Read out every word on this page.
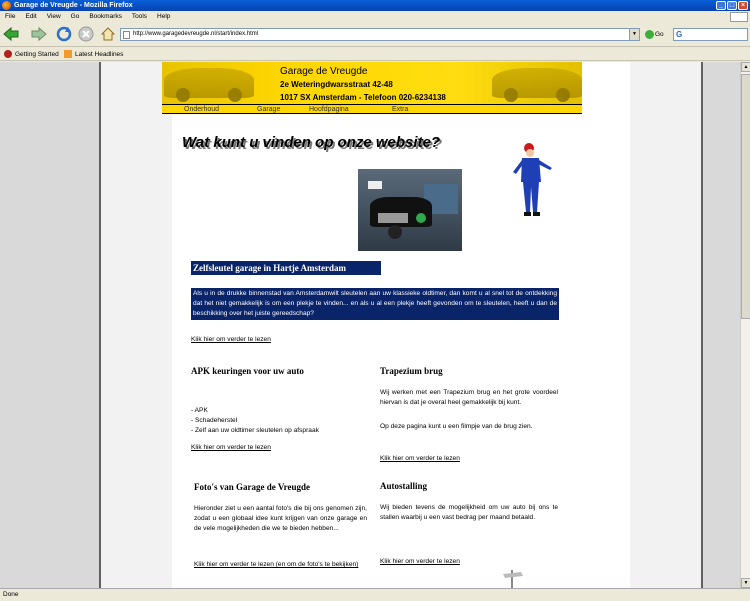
Garage de Vreugde - Mozilla Firefox	_ □ ×
File Edit View Go Bookmarks Tools Help
http://www.garagedevreugde.nl/start/index.html	▼	Go	G
Getting Started	Latest Headlines
Garage de Vreugde
2e Weteringdwarsstraat 42-48
1017 SX Amsterdam - Telefoon 020-6234138
Onderhoud	Garage	Hoofdpagina	Extra
Wat kunt u vinden op onze website?
Zelfsleutel garage in Hartje Amsterdam
Als u in de drukke binnenstad van Amsterdamwilt sleutelen aan uw klassieke oldtimer, dan komt u al snel tot de ontdekking dat het niet gemakkelijk is om een plekje te vinden... en als u al een plekje heeft gevonden om te sleutelen, heeft u dan de beschikking over het juiste gereedschap?
Klik hier om verder te lezen
APK keuringen voor uw auto
- APK
- Schadeherstel
- Zelf aan uw oldtimer sleutelen op afspraak
Klik hier om verder te lezen
Trapezium brug
Wij werken met een Trapezium brug en het grote voordeel hiervan is dat je overal heel gemakkelijk bij kunt.
Op deze pagina kunt u een filmpje van de brug zien.
Klik hier om verder te lezen
Foto's van Garage de Vreugde
Hieronder ziet u een aantal foto's die bij ons genomen zijn, zodat u een globaal idee kunt krijgen van onze garage en de vele mogelijkheden die we te bieden hebben...
Klik hier om verder te lezen (en om de foto's te bekijken)
Autostalling
Wij bieden tevens de mogelijkheid om uw auto bij ons te stallen waarbij u een vast bedrag per maand betaald.
Klik hier om verder te lezen
▲
▼
Done
